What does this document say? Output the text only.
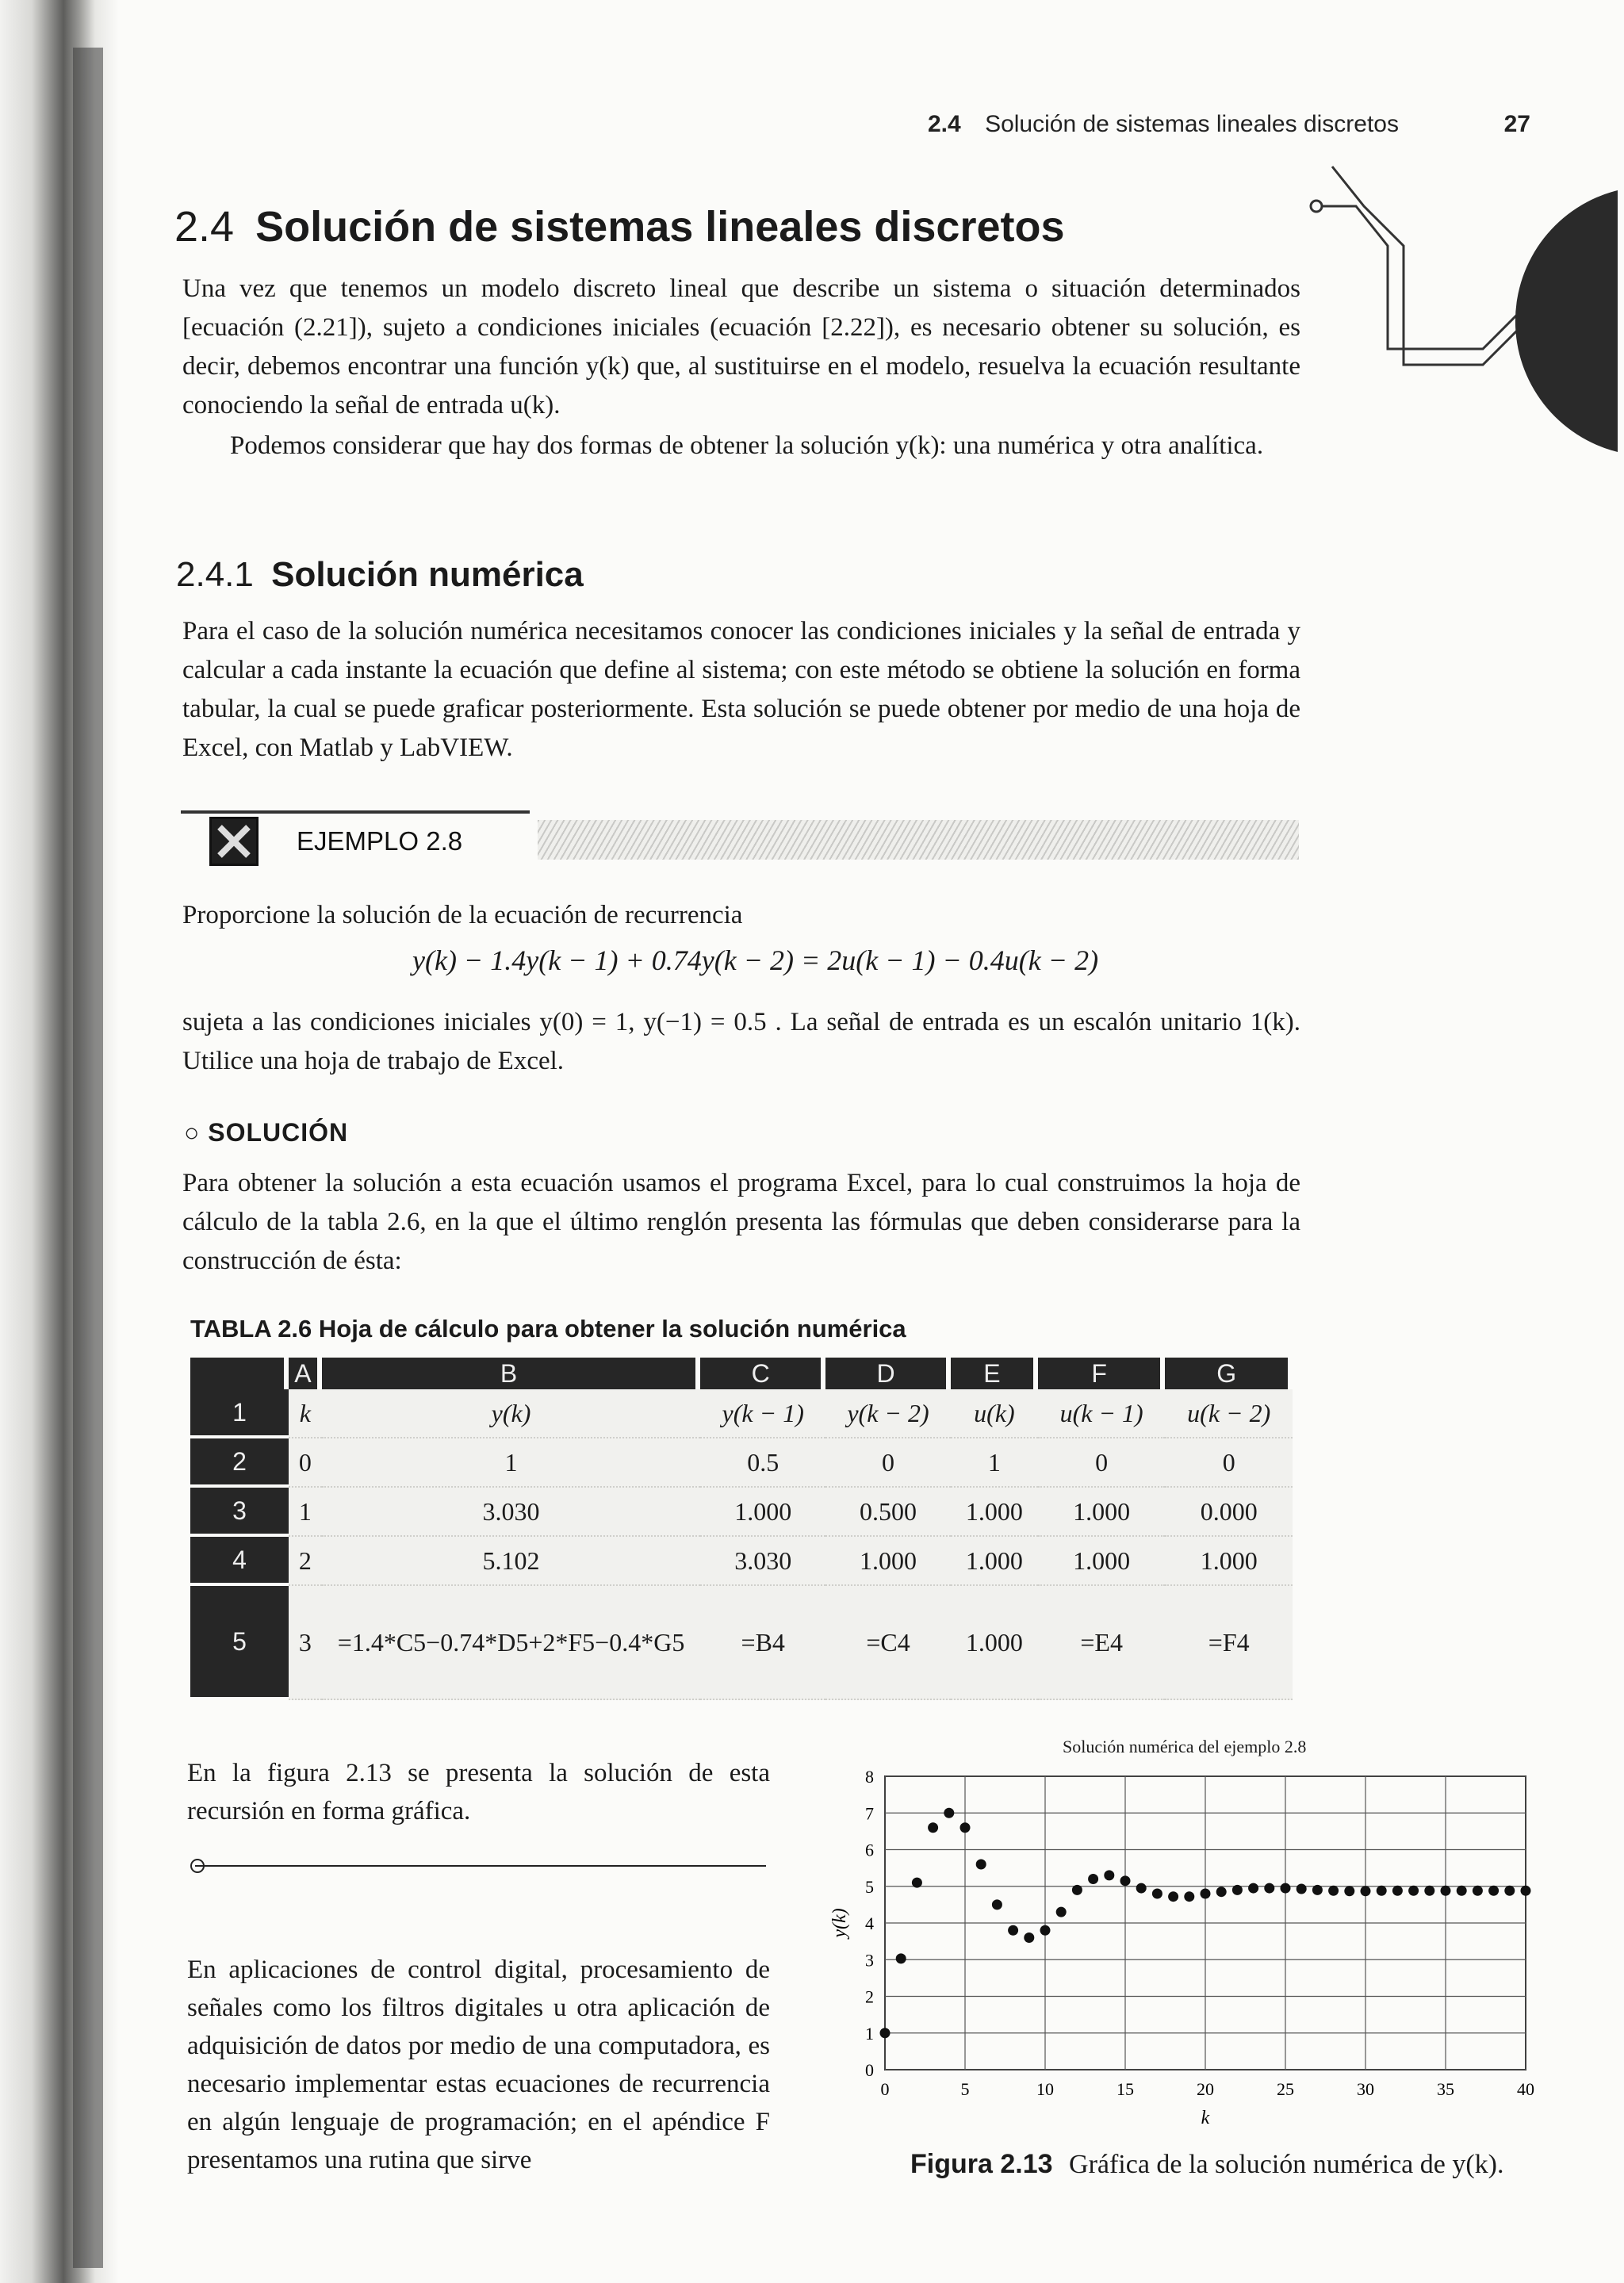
2.4 Solución de sistemas lineales discretos	27
2.4 Solución de sistemas lineales discretos
Una vez que tenemos un modelo discreto lineal que describe un sistema o situación determinados [ecuación (2.21]), sujeto a condiciones iniciales (ecuación [2.22]), es necesario obtener su solución, es decir, debemos encontrar una función y(k) que, al sustituirse en el modelo, resuelva la ecuación resultante conociendo la señal de entrada u(k).
Podemos considerar que hay dos formas de obtener la solución y(k): una numérica y otra analítica.
2.4.1 Solución numérica
Para el caso de la solución numérica necesitamos conocer las condiciones iniciales y la señal de entrada y calcular a cada instante la ecuación que define al sistema; con este método se obtiene la solución en forma tabular, la cual se puede graficar posteriormente. Esta solución se puede obtener por medio de una hoja de Excel, con Matlab y LabVIEW.
EJEMPLO 2.8
Proporcione la solución de la ecuación de recurrencia
y(k) − 1.4y(k − 1) + 0.74y(k − 2) = 2u(k − 1) − 0.4u(k − 2)
sujeta a las condiciones iniciales y(0) = 1, y(−1) = 0.5 . La señal de entrada es un escalón unitario 1(k). Utilice una hoja de trabajo de Excel.
○ SOLUCIÓN
Para obtener la solución a esta ecuación usamos el programa Excel, para lo cual construimos la hoja de cálculo de la tabla 2.6, en la que el último renglón presenta las fórmulas que deben considerarse para la construcción de ésta:
TABLA 2.6 Hoja de cálculo para obtener la solución numérica
	A	B	C	D	E	F	G
1	k	y(k)	y(k − 1)	y(k − 2)	u(k)	u(k − 1)	u(k − 2)
2	0	1	0.5	0	1	0	0
3	1	3.030	1.000	0.500	1.000	1.000	0.000
4	2	5.102	3.030	1.000	1.000	1.000	1.000
5	3	=1.4*C5−0.74*D5+2*F5−0.4*G5	=B4	=C4	1.000	=E4	=F4
En la figura 2.13 se presenta la solución de esta recursión en forma gráfica.
En aplicaciones de control digital, procesamiento de señales como los filtros digitales u otra aplicación de adquisición de datos por medio de una computadora, es necesario implementar estas ecuaciones de recurrencia en algún lenguaje de programación; en el apéndice F presentamos una rutina que sirve
Solución numérica del ejemplo 2.8
0
1
2
3
4
5
6
7
8
0	5	10	15	20	25	30	35	40
k
y(k)
Figura 2.13 Gráfica de la solución numérica de y(k).
